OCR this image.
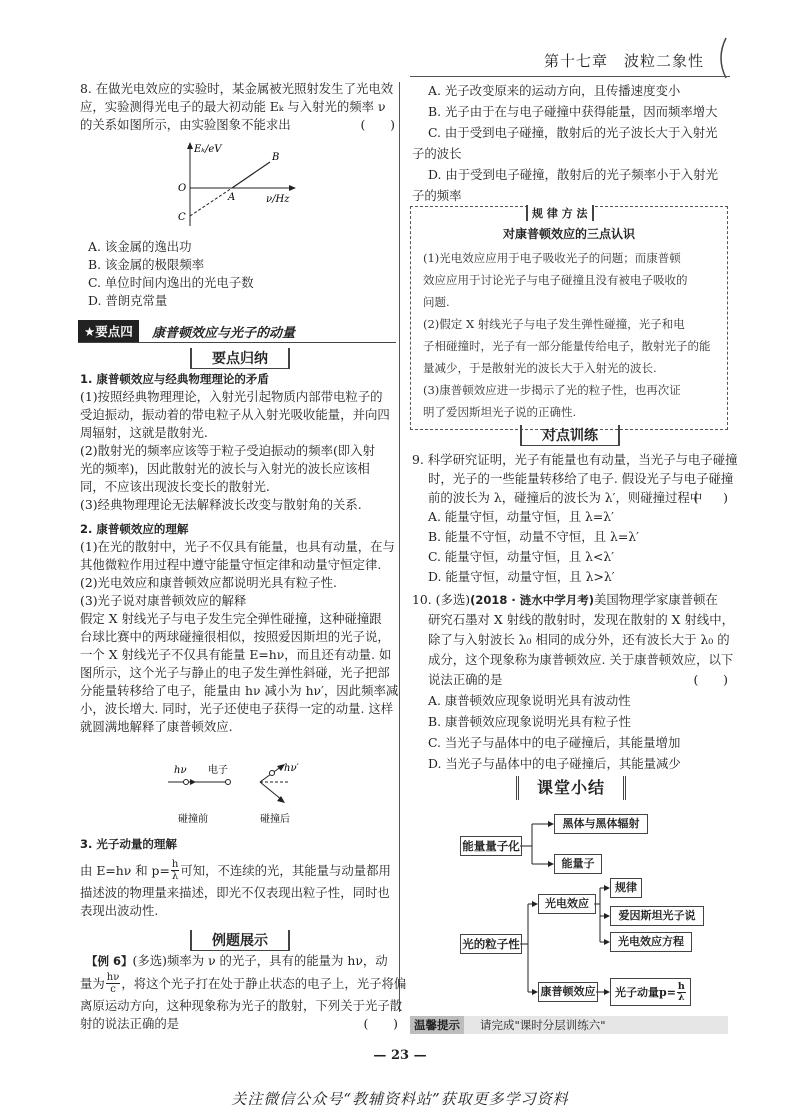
第十七章　波粒二象性
8. 在做光电效应的实验时，某金属被光照射发生了光电效
应，实验测得光电子的最大初动能 Eₖ 与入射光的频率 ν
的关系如图所示，由实验图象不能求出	(　　)
Eₖ/eV
ν/Hz
O
A
B
C
A. 该金属的逸出功
B. 该金属的极限频率
C. 单位时间内逸出的光电子数
D. 普朗克常量
★要点四	康普顿效应与光子的动量
要点归纳
1. 康普顿效应与经典物理理论的矛盾
(1)按照经典物理理论，入射光引起物质内部带电粒子的
受迫振动，振动着的带电粒子从入射光吸收能量，并向四
周辐射，这就是散射光.
(2)散射光的频率应该等于粒子受迫振动的频率(即入射
光的频率)，因此散射光的波长与入射光的波长应该相
同，不应该出现波长变长的散射光.
(3)经典物理理论无法解释波长改变与散射角的关系.
2. 康普顿效应的理解
(1)在光的散射中，光子不仅具有能量，也具有动量，在与
其他微粒作用过程中遵守能量守恒定律和动量守恒定律.
(2)光电效应和康普顿效应都说明光具有粒子性.
(3)光子说对康普顿效应的解释
假定 X 射线光子与电子发生完全弹性碰撞，这种碰撞跟
台球比赛中的两球碰撞很相似，按照爱因斯坦的光子说，
一个 X 射线光子不仅具有能量 E=hν，而且还有动量. 如
图所示，这个光子与静止的电子发生弹性斜碰，光子把部
分能量转移给了电子，能量由 hν 减小为 hν′，因此频率减
小，波长增大. 同时，光子还使电子获得一定的动量. 这样
就圆满地解释了康普顿效应.
hν 电子
碰撞前
hν′
碰撞后
3. 光子动量的理解
由 E=hν 和 $p= \frac{h}{\lambda}$ 可知，不连续的光，其能量与动量都用
描述波的物理量来描述，即光不仅表现出粒子性，同时也
表现出波动性.
例题展示
【例 6】(多选)频率为 ν 的光子，具有的能量为 hν，动
量为 $\frac{h\nu}{c}$ ，将这个光子打在处于静止状态的电子上，光子将偏
离原运动方向，这种现象称为光子的散射，下列关于光子散
射的说法正确的是	(　　)
A. 光子改变原来的运动方向，且传播速度变小
B. 光子由于在与电子碰撞中获得能量，因而频率增大
C. 由于受到电子碰撞，散射后的光子波长大于入射光
子的波长
D. 由于受到电子碰撞，散射后的光子频率小于入射光
子的频率
规 律 方 法
对康普顿效应的三点认识
(1)光电效应应用于电子吸收光子的问题；而康普顿
效应应用于讨论光子与电子碰撞且没有被电子吸收的
问题.
(2)假定 X 射线光子与电子发生弹性碰撞，光子和电
子相碰撞时，光子有一部分能量传给电子，散射光子的能
量减少，于是散射光的波长大于入射光的波长.
(3)康普顿效应进一步揭示了光的粒子性，也再次证
明了爱因斯坦光子说的正确性.
对点训练
9. 科学研究证明，光子有能量也有动量，当光子与电子碰撞
时，光子的一些能量转移给了电子. 假设光子与电子碰撞
前的波长为 λ，碰撞后的波长为 λ′，则碰撞过程中
(　　)
A. 能量守恒，动量守恒，且 λ=λ′
B. 能量不守恒，动量不守恒，且 λ=λ′
C. 能量守恒，动量守恒，且 λ<λ′
D. 能量守恒，动量守恒，且 λ>λ′
10. (多选)(2018 · 涟水中学月考)美国物理学家康普顿在
研究石墨对 X 射线的散射时，发现在散射的 X 射线中，
除了与入射波长 λ₀ 相同的成分外，还有波长大于 λ₀ 的
成分，这个现象称为康普顿效应. 关于康普顿效应，以下
说法正确的是	(　　)
A. 康普顿效应现象说明光具有波动性
B. 康普顿效应现象说明光具有粒子性
C. 当光子与晶体中的电子碰撞后，其能量增加
D. 当光子与晶体中的电子碰撞后，其能量减少
课堂小结
能量量子化
黑体与黑体辐射
能量子
光的粒子性
光电效应
规律
爱因斯坦光子说
光电效应方程
康普顿效应 光子动量$p= \frac{h}{\lambda}$
温馨提示	请完成"课时分层训练六"
— 23 —
关注微信公众号“教辅资料站”获取更多学习资料
